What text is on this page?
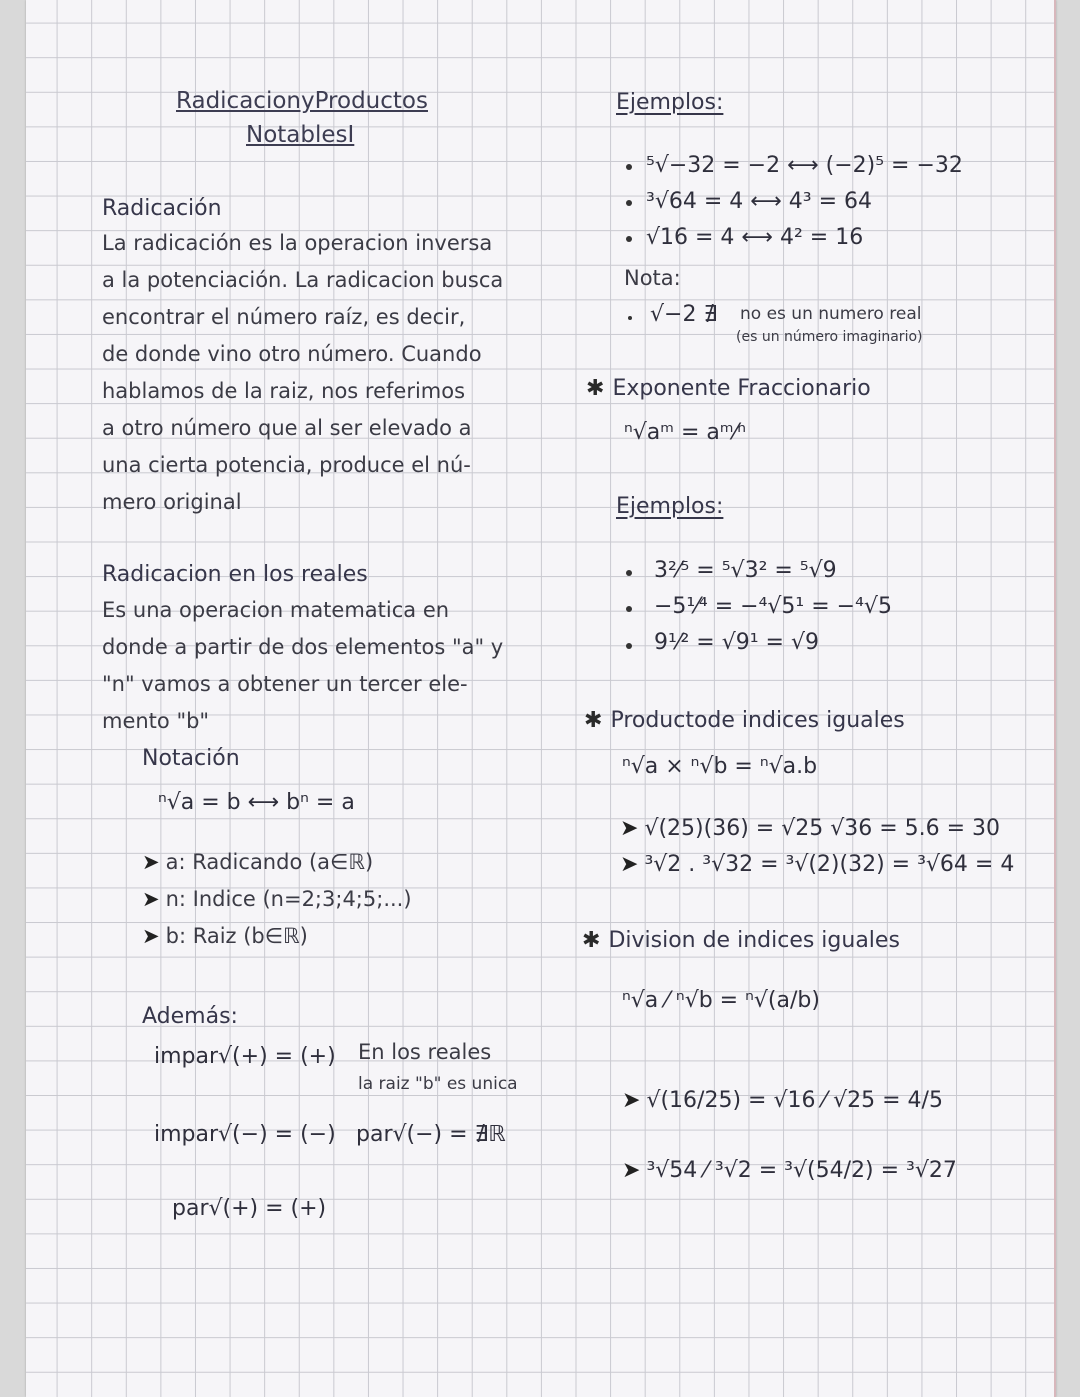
RadicacionyProductos
NotablesI
Radicación
La radicación es la operacion inversa
a la potenciación. La radicacion busca
encontrar el número raíz, es decir,
de donde vino otro número. Cuando
hablamos de la raiz, nos referimos
a otro número que al ser elevado a
una cierta potencia, produce el nú-
mero original
Radicacion en los reales
Es una operacion matematica en
donde a partir de dos elementos "a" y
"n" vamos a obtener un tercer ele-
mento "b"
Notación
ⁿ√a = b ⟷ bⁿ = a
➤ a: Radicando (a∈ℝ)
➤ n: Indice (n=2;3;4;5;...)
➤ b: Raiz (b∈ℝ)
Además:
impar√(+) = (+) En los reales
la raiz "b" es unica
impar√(−) = (−) par√(−) = ∄ℝ
par√(+) = (+)
Ejemplos:
⁵√−32 = −2 ⟷ (−2)⁵ = −32
³√64 = 4 ⟷ 4³ = 64
√16 = 4 ⟷ 4² = 16
Nota:
√−2 ∄ no es un numero real
(es un número imaginario)
✱ Exponente Fraccionario
ⁿ√aᵐ = aᵐ⁄ⁿ
Ejemplos:
3²⁄⁵ = ⁵√3² = ⁵√9
−5¹⁄⁴ = −⁴√5¹ = −⁴√5
9¹⁄² = √9¹ = √9
✱ Productode indices iguales
ⁿ√a × ⁿ√b = ⁿ√a.b
➤ √(25)(36) = √25 √36 = 5.6 = 30
➤ ³√2 . ³√32 = ³√(2)(32) = ³√64 = 4
✱ Division de indices iguales
ⁿ√a ⁄ ⁿ√b = ⁿ√(a/b)
➤ √(16/25) = √16 ⁄ √25 = 4/5
➤ ³√54 ⁄ ³√2 = ³√(54/2) = ³√27
